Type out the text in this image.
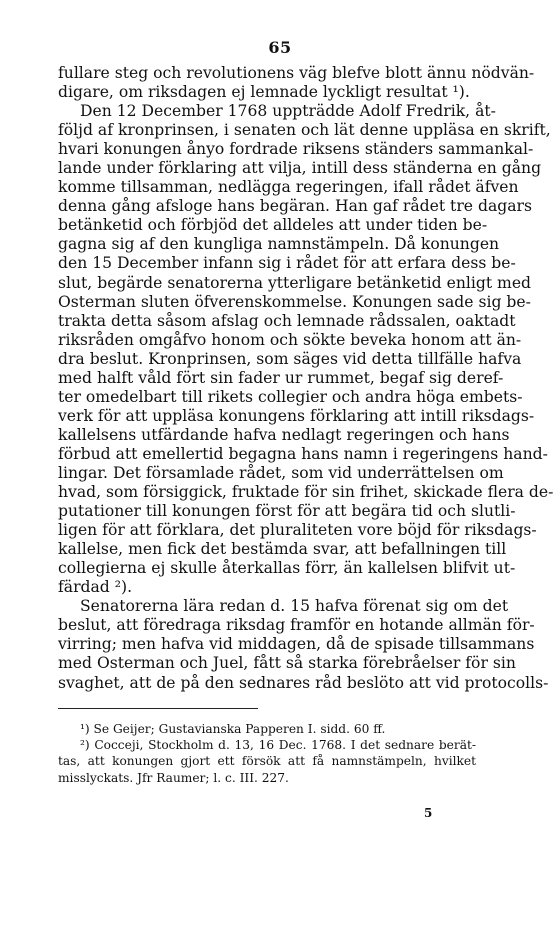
65
fullare steg och revolutionens väg blefve blott ännu nödvän-
digare, om riksdagen ej lemnade lyckligt resultat ¹).
Den 12 December 1768 uppträdde Adolf Fredrik, åt-
följd af kronprinsen, i senaten och lät denne uppläsa en skrift,
hvari konungen ånyo fordrade riksens ständers sammankal-
lande under förklaring att vilja, intill dess ständerna en gång
komme tillsamman, nedlägga regeringen, ifall rådet äfven
denna gång afsloge hans begäran. Han gaf rådet tre dagars
betänketid och förbjöd det alldeles att under tiden be-
gagna sig af den kungliga namnstämpeln. Då konungen
den 15 December infann sig i rådet för att erfara dess be-
slut, begärde senatorerna ytterligare betänketid enligt med
Osterman sluten öfverenskommelse. Konungen sade sig be-
trakta detta såsom afslag och lemnade rådssalen, oaktadt
riksråden omgåfvo honom och sökte beveka honom att än-
dra beslut. Kronprinsen, som säges vid detta tillfälle hafva
med halft våld fört sin fader ur rummet, begaf sig deref-
ter omedelbart till rikets collegier och andra höga embets-
verk för att uppläsa konungens förklaring att intill riksdags-
kallelsens utfärdande hafva nedlagt regeringen och hans
förbud att emellertid begagna hans namn i regeringens hand-
lingar. Det församlade rådet, som vid underrättelsen om
hvad, som försiggick, fruktade för sin frihet, skickade flera de-
putationer till konungen först för att begära tid och slutli-
ligen för att förklara, det pluraliteten vore böjd för riksdags-
kallelse, men fick det bestämda svar, att befallningen till
collegierna ej skulle återkallas förr, än kallelsen blifvit ut-
färdad ²).
Senatorerna lära redan d. 15 hafva förenat sig om det
beslut, att föredraga riksdag framför en hotande allmän för-
virring; men hafva vid middagen, då de spisade tillsammans
med Osterman och Juel, fått så starka förebråelser för sin
svaghet, att de på den sednares råd beslöto att vid protocolls-
¹) Se Geijer; Gustavianska Papperen I. sidd. 60 ff.
²) Cocceji, Stockholm d. 13, 16 Dec. 1768. I det sednare berät-
tas, att konungen gjort ett försök att få namnstämpeln, hvilket
misslyckats. Jfr Raumer; l. c. III. 227.
5
